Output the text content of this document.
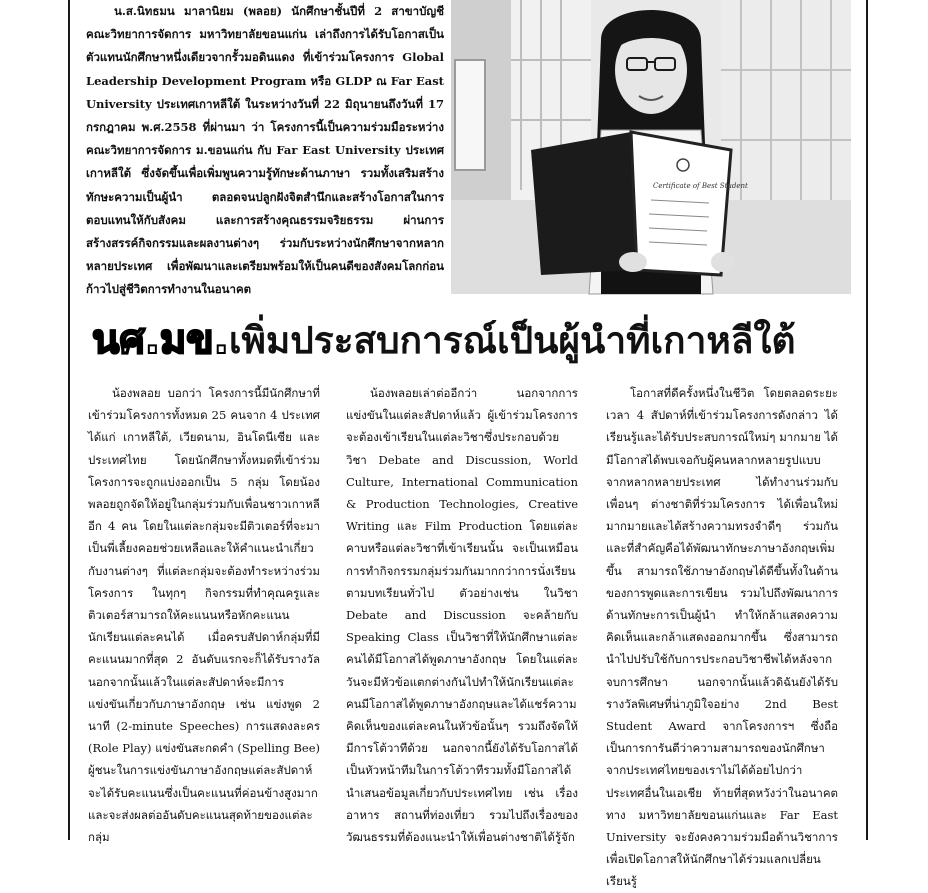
น.ส.นิทธมน มาลานิยม (พลอย) นักศึกษาชั้นปีที่ 2 สาขาบัญชี คณะวิทยาการจัดการ มหาวิทยาลัยขอนแก่น เล่าถึงการได้รับโอกาสเป็นตัวแทนนักศึกษาหนึ่งเดียวจากรั้วมอดินแดง ที่เข้าร่วมโครงการ Global Leadership Development Program หรือ GLDP ณ Far East University ประเทศเกาหลีใต้ ในระหว่างวันที่ 22 มิถุนายนถึงวันที่ 17 กรกฎาคม พ.ศ.2558 ที่ผ่านมา ว่า โครงการนี้เป็นความร่วมมือระหว่างคณะวิทยาการจัดการ ม.ขอนแก่น กับ Far East University ประเทศเกาหลีใต้ ซึ่งจัดขึ้นเพื่อเพิ่มพูนความรู้ทักษะด้านภาษา รวมทั้งเสริมสร้างทักษะความเป็นผู้นำ ตลอดจนปลูกฝังจิตสำนึกและสร้างโอกาสในการตอบแทนให้กับสังคม และการสร้างคุณธรรมจริยธรรม ผ่านการสร้างสรรค์กิจกรรมและผลงานต่างๆ ร่วมกับระหว่างนักศึกษาจากหลากหลายประเทศ เพื่อพัฒนาและเตรียมพร้อมให้เป็นคนดีของสังคมโลกก่อนก้าวไปสู่ชีวิตการทำงานในอนาคต

Certificate of Best Student
นศ.มข.เพิ่มประสบการณ์เป็นผู้นำที่เกาหลีใต้

น้องพลอย บอกว่า โครงการนี้มีนักศึกษาที่เข้าร่วมโครงการทั้งหมด 25 คนจาก 4 ประเทศ ได้แก่ เกาหลีใต้, เวียดนาม, อินโดนีเซีย และประเทศไทย โดยนักศึกษาทั้งหมดที่เข้าร่วมโครงการจะถูกแบ่งออกเป็น 5 กลุ่ม โดยน้องพลอยถูกจัดให้อยู่ในกลุ่มร่วมกับเพื่อนชาวเกาหลีอีก 4 คน โดยในแต่ละกลุ่มจะมีติวเตอร์ที่จะมาเป็นพี่เลี้ยงคอยช่วยเหลือและให้คำแนะนำเกี่ยวกับงานต่างๆ ที่แต่ละกลุ่มจะต้องทำระหว่างร่วมโครงการ ในทุกๆ กิจกรรมที่ทำคุณครูและติวเตอร์สามารถให้คะแนนหรือหักคะแนนนักเรียนแต่ละคนได้ เมื่อครบสัปดาห์กลุ่มที่มีคะแนนมากที่สุด 2 อันดับแรกจะก็ได้รับรางวัล นอกจากนั้นแล้วในแต่ละสัปดาห์จะมีการแข่งขันเกี่ยวกับภาษาอังกฤษ เช่น แข่งพูด 2 นาที (2-minute Speeches) การแสดงละคร (Role Play) แข่งขันสะกดคำ (Spelling Bee) ผู้ชนะในการแข่งขันภาษาอังกฤษแต่ละสัปดาห์จะได้รับคะแนนซึ่งเป็นคะแนนที่ค่อนข้างสูงมาก และจะส่งผลต่ออันดับคะแนนสุดท้ายของแต่ละกลุ่ม

น้องพลอยเล่าต่ออีกว่า นอกจากการแข่งขันในแต่ละสัปดาห์แล้ว ผู้เข้าร่วมโครงการจะต้องเข้าเรียนในแต่ละวิชาซึ่งประกอบด้วยวิชา Debate and Discussion, World Culture, International Communication & Production Technologies, Creative Writing และ Film Production โดยแต่ละคาบหรือแต่ละวิชาที่เข้าเรียนนั้น จะเป็นเหมือนการทำกิจกรรมกลุ่มร่วมกันมากกว่าการนั่งเรียนตามบทเรียนทั่วไป ตัวอย่างเช่น ในวิชา Debate and Discussion จะคล้ายกับ Speaking Class เป็นวิชาที่ให้นักศึกษาแต่ละคนได้มีโอกาสได้พูดภาษาอังกฤษ โดยในแต่ละวันจะมีหัวข้อแตกต่างกันไปทำให้นักเรียนแต่ละคนมีโอกาสได้พูดภาษาอังกฤษและได้แชร์ความคิดเห็นของแต่ละคนในหัวข้อนั้นๆ รวมถึงจัดให้มีการโต้วาทีด้วย นอกจากนี้ยังได้รับโอกาสได้เป็นหัวหน้าทีมในการโต้วาทีรวมทั้งมีโอกาสได้นำเสนอข้อมูลเกี่ยวกับประเทศไทย เช่น เรื่องอาหาร สถานที่ท่องเที่ยว รวมไปถึงเรื่องของวัฒนธรรมที่ต้องแนะนำให้เพื่อนต่างชาติได้รู้จัก

โอกาสที่ดีครั้งหนึ่งในชีวิต โดยตลอดระยะเวลา 4 สัปดาห์ที่เข้าร่วมโครงการดังกล่าว ได้เรียนรู้และได้รับประสบการณ์ใหม่ๆ มากมาย ได้มีโอกาสได้พบเจอกับผู้คนหลากหลายรูปแบบจากหลากหลายประเทศ ได้ทำงานร่วมกับเพื่อนๆ ต่างชาติที่ร่วมโครงการ ได้เพื่อนใหม่มากมายและได้สร้างความทรงจำดีๆ ร่วมกัน และที่สำคัญคือได้พัฒนาทักษะภาษาอังกฤษเพิ่มขึ้น สามารถใช้ภาษาอังกฤษได้ดีขึ้นทั้งในด้านของการพูดและการเขียน รวมไปถึงพัฒนาการด้านทักษะการเป็นผู้นำ ทำให้กล้าแสดงความคิดเห็นและกล้าแสดงออกมากขึ้น ซึ่งสามารถนำไปปรับใช้กับการประกอบวิชาชีพได้หลังจากจบการศึกษา นอกจากนั้นแล้วดิฉันยังได้รับรางวัลพิเศษที่น่าภูมิใจอย่าง 2nd Best Student Award จากโครงการฯ ซึ่งถือเป็นการการันตีว่าความสามารถของนักศึกษาจากประเทศไทยของเราไม่ได้ด้อยไปกว่าประเทศอื่นในเอเชีย ท้ายที่สุดหวังว่าในอนาคตทาง มหาวิทยาลัยขอนแก่นและ Far East University จะยังคงความร่วมมือด้านวิชาการเพื่อเปิดโอกาสให้นักศึกษาได้ร่วมแลกเปลี่ยนเรียนรู้
